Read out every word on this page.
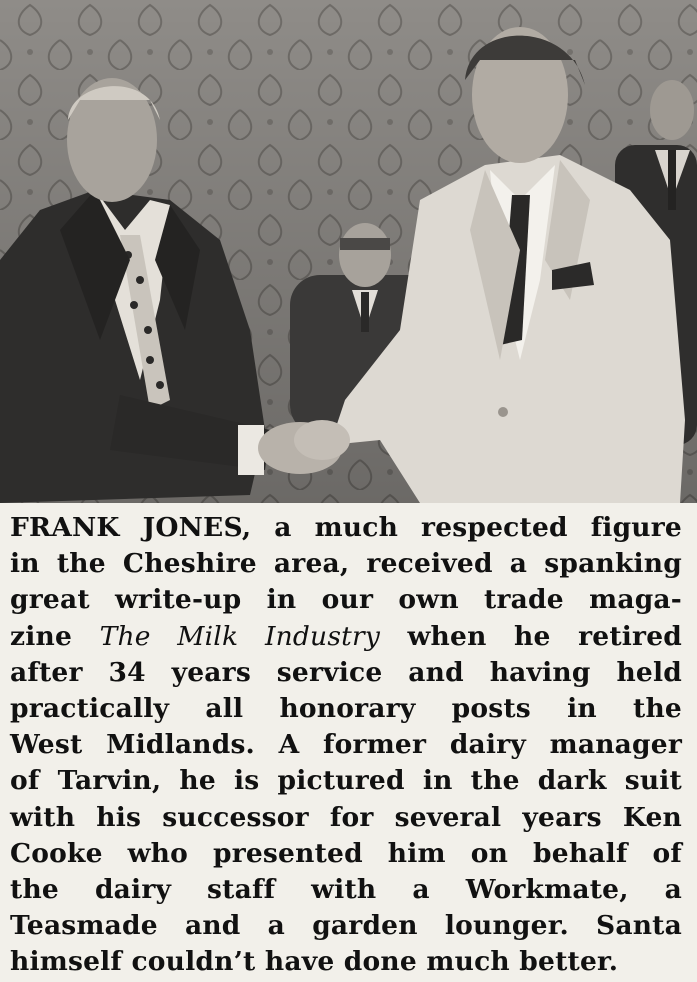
FRANK JONES, a much respected figure
in the Cheshire area, received a spanking
great write-up in our own trade maga-
zine The Milk Industry when he retired
after 34 years service and having held
practically all honorary posts in the
West Midlands. A former dairy manager
of Tarvin, he is pictured in the dark suit
with his successor for several years Ken
Cooke who presented him on behalf of
the dairy staff with a Workmate, a
Teasmade and a garden lounger. Santa
himself couldn’t have done much better.
